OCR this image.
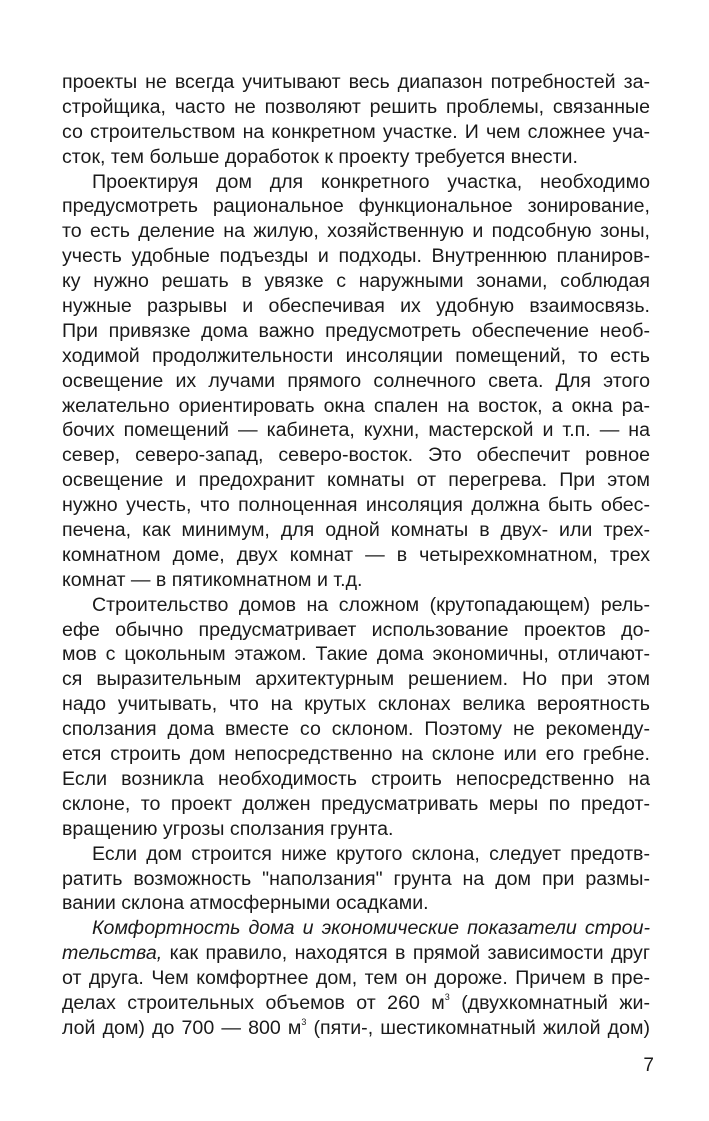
проекты не всегда учитывают весь диапазон потребностей за-
стройщика, часто не позволяют решить проблемы, связанные
со строительством на конкретном участке. И чем сложнее уча-
сток, тем больше доработок к проекту требуется внести.
Проектируя дом для конкретного участка, необходимо
предусмотреть рациональное функциональное зонирование,
то есть деление на жилую, хозяйственную и подсобную зоны,
учесть удобные подъезды и подходы. Внутреннюю планиров-
ку нужно решать в увязке с наружными зонами, соблюдая
нужные разрывы и обеспечивая их удобную взаимосвязь.
При привязке дома важно предусмотреть обеспечение необ-
ходимой продолжительности инсоляции помещений, то есть
освещение их лучами прямого солнечного света. Для этого
желательно ориентировать окна спален на восток, а окна ра-
бочих помещений — кабинета, кухни, мастерской и т.п. — на
север, северо-запад, северо-восток. Это обеспечит ровное
освещение и предохранит комнаты от перегрева. При этом
нужно учесть, что полноценная инсоляция должна быть обес-
печена, как минимум, для одной комнаты в двух- или трех-
комнатном доме, двух комнат — в четырехкомнатном, трех
комнат — в пятикомнатном и т.д.
Строительство домов на сложном (крутопадающем) рель-
ефе обычно предусматривает использование проектов до-
мов с цокольным этажом. Такие дома экономичны, отличают-
ся выразительным архитектурным решением. Но при этом
надо учитывать, что на крутых склонах велика вероятность
сползания дома вместе со склоном. Поэтому не рекоменду-
ется строить дом непосредственно на склоне или его гребне.
Если возникла необходимость строить непосредственно на
склоне, то проект должен предусматривать меры по предот-
вращению угрозы сползания грунта.
Если дом строится ниже крутого склона, следует предотв-
ратить возможность "наползания" грунта на дом при размы-
вании склона атмосферными осадками.
Комфортность дома и экономические показатели строи-
тельства, как правило, находятся в прямой зависимости друг
от друга. Чем комфортнее дом, тем он дороже. Причем в пре-
делах строительных объемов от 260 $м^3$ (двухкомнатный жи-
лой дом) до 700 — 800 $м^3$ (пяти-, шестикомнатный жилой дом)
7
